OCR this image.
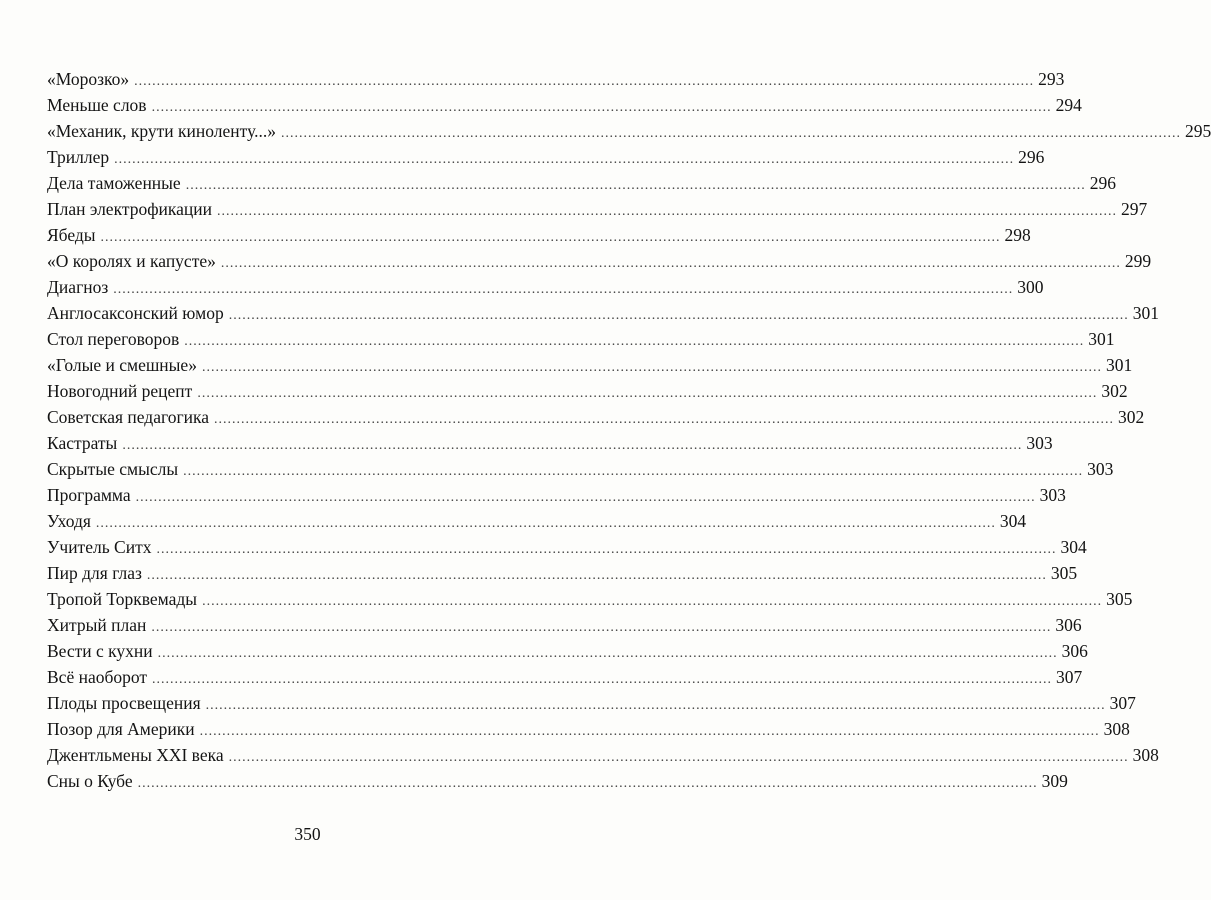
«Морозко» ........................................................................................................................................................................................................ 293
Меньше слов ........................................................................................................................................................................................................ 294
«Механик, крути киноленту...» ........................................................................................................................................................................................................ 295
Триллер ........................................................................................................................................................................................................ 296
Дела таможенные ........................................................................................................................................................................................................ 296
План электрофикации ........................................................................................................................................................................................................ 297
Ябеды ........................................................................................................................................................................................................ 298
«О королях и капусте» ........................................................................................................................................................................................................ 299
Диагноз ........................................................................................................................................................................................................ 300
Англосаксонский юмор ........................................................................................................................................................................................................ 301
Стол переговоров ........................................................................................................................................................................................................ 301
«Голые и смешные» ........................................................................................................................................................................................................ 301
Новогодний рецепт ........................................................................................................................................................................................................ 302
Советская педагогика ........................................................................................................................................................................................................ 302
Кастраты ........................................................................................................................................................................................................ 303
Скрытые смыслы ........................................................................................................................................................................................................ 303
Программа ........................................................................................................................................................................................................ 303
Уходя ........................................................................................................................................................................................................ 304
Учитель Ситх ........................................................................................................................................................................................................ 304
Пир для глаз ........................................................................................................................................................................................................ 305
Тропой Торквемады ........................................................................................................................................................................................................ 305
Хитрый план ........................................................................................................................................................................................................ 306
Вести с кухни ........................................................................................................................................................................................................ 306
Всё наоборот ........................................................................................................................................................................................................ 307
Плоды просвещения ........................................................................................................................................................................................................ 307
Позор для Америки ........................................................................................................................................................................................................ 308
Джентльмены XXI века ........................................................................................................................................................................................................ 308
Сны о Кубе ........................................................................................................................................................................................................ 309
350
